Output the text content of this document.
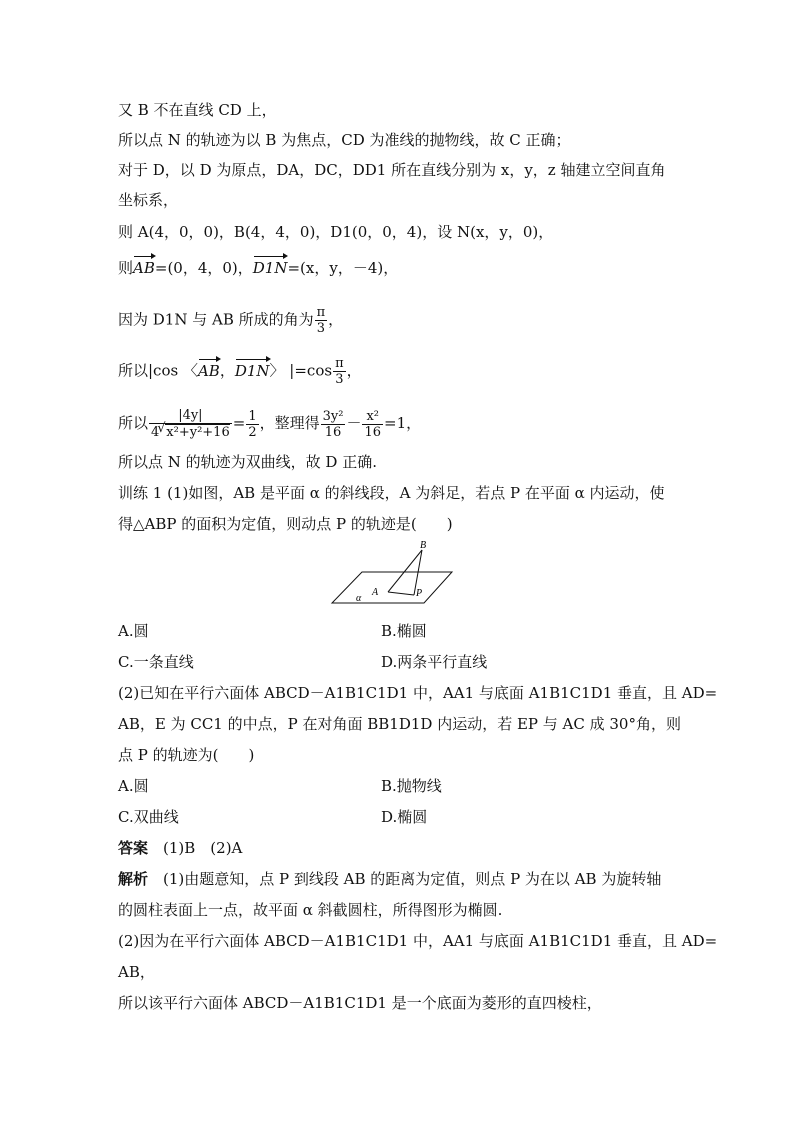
又 B 不在直线 CD 上，
所以点 N 的轨迹为以 B 为焦点，CD 为准线的抛物线，故 C 正确；
对于 D，以 D 为原点，DA，DC，DD1 所在直线分别为 x，y，z 轴建立空间直角
坐标系，
则 A(4，0，0)，B(4，4，0)，D1(0，0，4)，设 N(x，y，0)，
则AB=(0，4，0)，D1N=(x，y，－4)，
因为 D1N 与 AB 所成的角为 $\frac{\pi}{3}$ ，
所以|cos 〈AB，D1N〉 $|=\cos \frac{\pi}{3}$ ，
所以 $\frac{|4y|}{\text{4√ x²+y²+16}} = \frac{1}{2}$ ，整理得 $\frac{\text{3y²}}{16} - \frac{\text{x²}}{16} =1$，
所以点 N 的轨迹为双曲线，故 D 正确.
训练 1 (1)如图，AB 是平面 α 的斜线段，A 为斜足，若点 P 在平面 α 内运动，使
得△ABP 的面积为定值，则动点 P 的轨迹是(　　)
B
A	P
α
A.圆	B.椭圆
C.一条直线	D.两条平行直线
(2)已知在平行六面体 ABCD－A1B1C1D1 中，AA1 与底面 A1B1C1D1 垂直，且 AD=
AB，E 为 CC1 的中点，P 在对角面 BB1D1D 内运动，若 EP 与 AC 成 30°角，则
点 P 的轨迹为(　　)
A.圆	B.抛物线
C.双曲线	D.椭圆
答案　 (1)B　(2)A
解析　 (1)由题意知，点 P 到线段 AB 的距离为定值，则点 P 为在以 AB 为旋转轴
的圆柱表面上一点，故平面 α 斜截圆柱，所得图形为椭圆.
(2)因为在平行六面体 ABCD－A1B1C1D1 中，AA1 与底面 A1B1C1D1 垂直，且 AD=
AB，
所以该平行六面体 ABCD－A1B1C1D1 是一个底面为菱形的直四棱柱，
